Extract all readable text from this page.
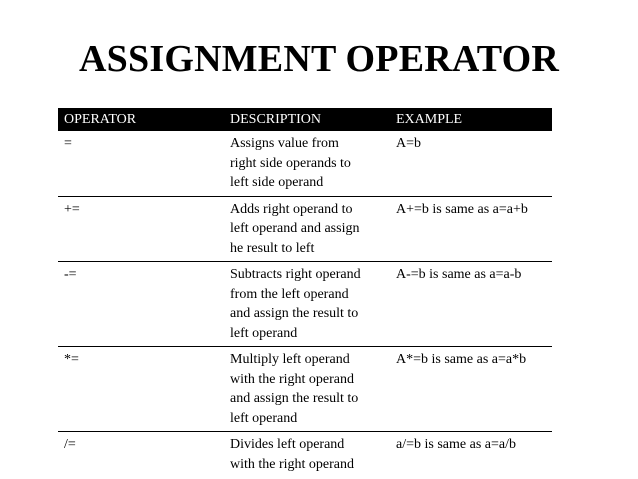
ASSIGNMENT OPERATOR
OPERATOR	DESCRIPTION	EXAMPLE
=	Assigns value from
right side operands to
left side operand	A=b
+=	Adds right operand to
left operand and assign
he result to left	A+=b is same as a=a+b
-=	Subtracts right operand
from the left operand
and assign the result to
left operand	A-=b is same as a=a-b
*=	Multiply left operand
with the right operand
and assign the result to
left operand	A*=b is same as a=a*b
/=	Divides left operand
with the right operand	a/=b is same as a=a/b
